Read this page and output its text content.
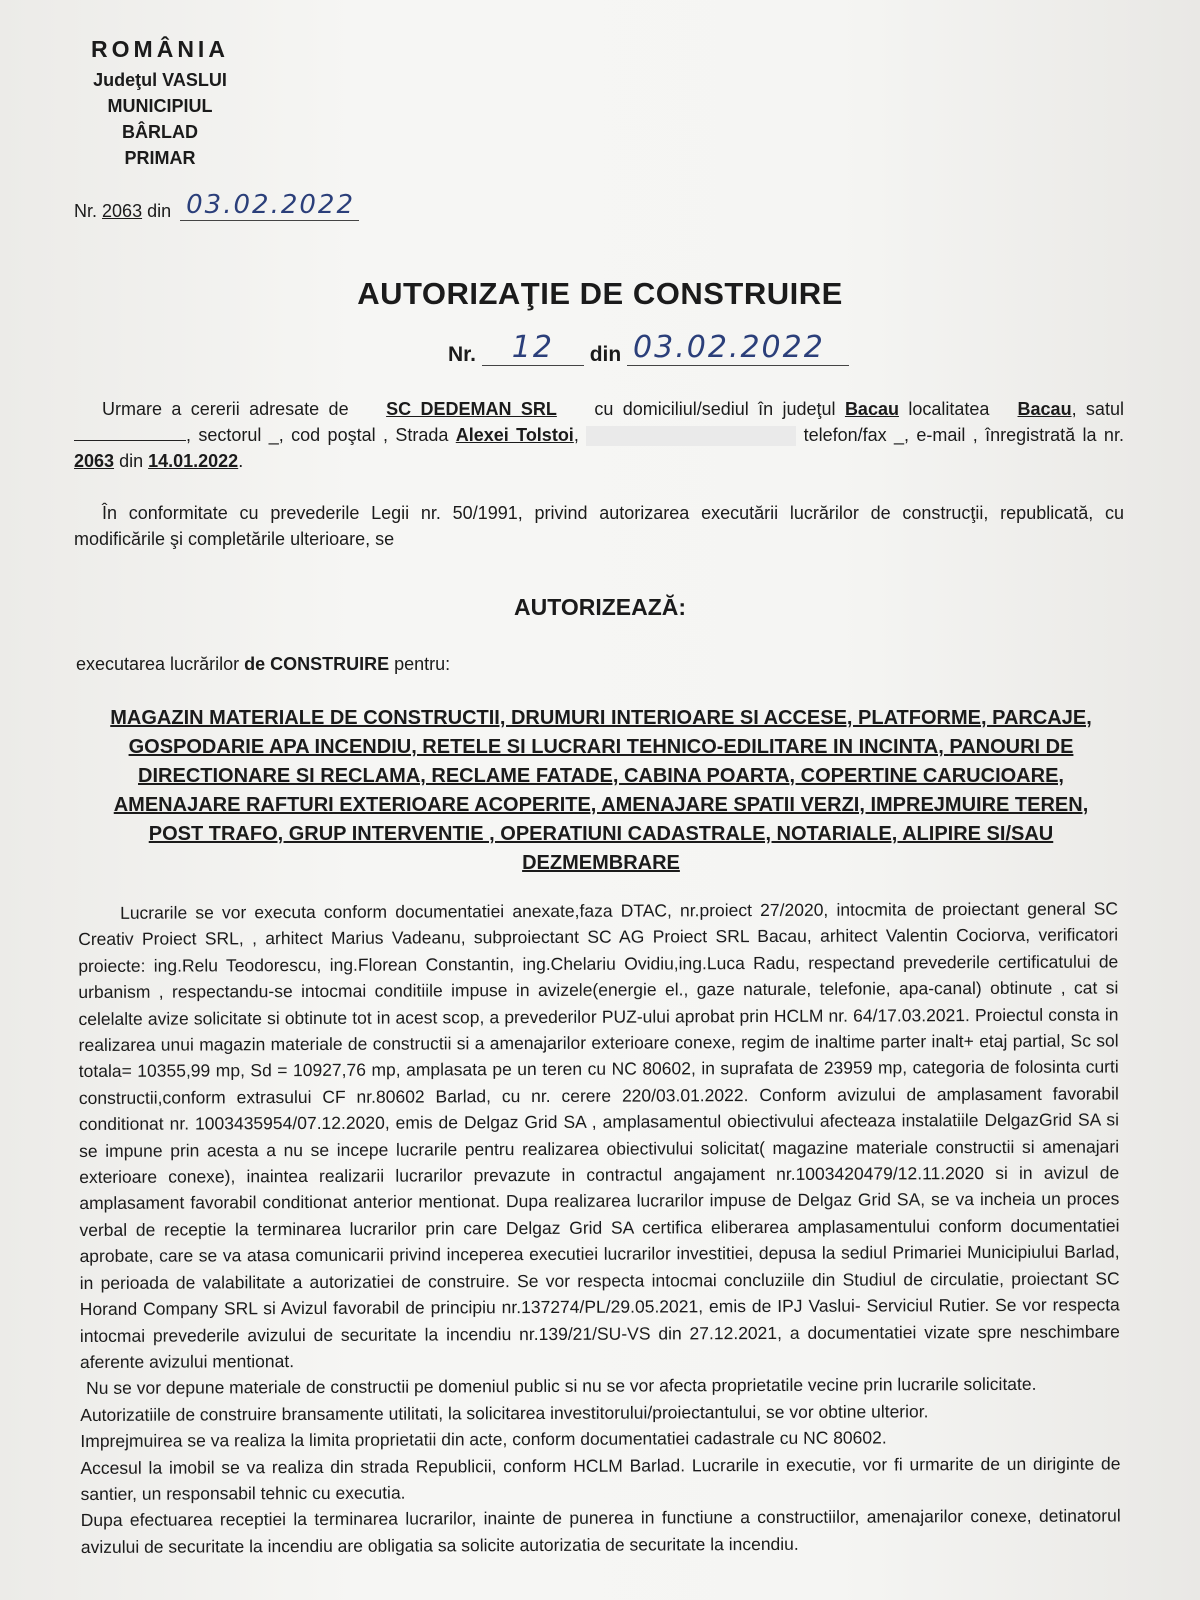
ROMÂNIA
Judeţul VASLUI
MUNICIPIUL
BÂRLAD
PRIMAR
Nr. 2063 din 03.02.2022
AUTORIZAŢIE DE CONSTRUIRE
Nr. 12 din 03.02.2022
Urmare a cererii adresate de SC DEDEMAN SRL cu domiciliul/sediul în judeţul Bacau localitatea Bacau, satul , sectorul _, cod poştal , Strada Alexei Tolstoi,	telefon/fax _, e-mail , înregistrată la nr. 2063 din 14.01.2022.
În conformitate cu prevederile Legii nr. 50/1991, privind autorizarea executării lucrărilor de construcţii, republicată, cu modificările şi completările ulterioare, se
AUTORIZEAZĂ:
executarea lucrărilor de CONSTRUIRE pentru:
MAGAZIN MATERIALE DE CONSTRUCTII, DRUMURI INTERIOARE SI ACCESE, PLATFORME, PARCAJE,
GOSPODARIE APA INCENDIU, RETELE SI LUCRARI TEHNICO-EDILITARE IN INCINTA, PANOURI DE
DIRECTIONARE SI RECLAMA, RECLAME FATADE, CABINA POARTA, COPERTINE CARUCIOARE,
AMENAJARE RAFTURI EXTERIOARE ACOPERITE, AMENAJARE SPATII VERZI, IMPREJMUIRE TEREN,
POST TRAFO, GRUP INTERVENTIE , OPERATIUNI CADASTRALE, NOTARIALE, ALIPIRE SI/SAU
DEZMEMBRARE

Lucrarile se vor executa conform documentatiei anexate,faza DTAC, nr.proiect 27/2020, intocmita de proiectant general SC Creativ Proiect SRL, , arhitect Marius Vadeanu, subproiectant SC AG Proiect SRL Bacau, arhitect Valentin Cociorva, verificatori proiecte: ing.Relu Teodorescu, ing.Florean Constantin, ing.Chelariu Ovidiu,ing.Luca Radu, respectand prevederile certificatului de urbanism , respectandu-se intocmai conditiile impuse in avizele(energie el., gaze naturale, telefonie, apa-canal) obtinute , cat si celelalte avize solicitate si obtinute tot in acest scop, a prevederilor PUZ-ului aprobat prin HCLM nr. 64/17.03.2021. Proiectul consta in realizarea unui magazin materiale de constructii si a amenajarilor exterioare conexe, regim de inaltime parter inalt+ etaj partial, Sc sol totala= 10355,99 mp, Sd = 10927,76 mp, amplasata pe un teren cu NC 80602, in suprafata de 23959 mp, categoria de folosinta curti constructii,conform extrasului CF nr.80602 Barlad, cu nr. cerere 220/03.01.2022. Conform avizului de amplasament favorabil conditionat nr. 1003435954/07.12.2020, emis de Delgaz Grid SA , amplasamentul obiectivului afecteaza instalatiile DelgazGrid SA si se impune prin acesta a nu se incepe lucrarile pentru realizarea obiectivului solicitat( magazine materiale constructii si amenajari exterioare conexe), inaintea realizarii lucrarilor prevazute in contractul angajament nr.1003420479/12.11.2020 si in avizul de amplasament favorabil conditionat anterior mentionat. Dupa realizarea lucrarilor impuse de Delgaz Grid SA, se va incheia un proces verbal de receptie la terminarea lucrarilor prin care Delgaz Grid SA certifica eliberarea amplasamentului conform documentatiei aprobate, care se va atasa comunicarii privind inceperea executiei lucrarilor investitiei, depusa la sediul Primariei Municipiului Barlad, in perioada de valabilitate a autorizatiei de construire. Se vor respecta intocmai concluziile din Studiul de circulatie, proiectant SC Horand Company SRL si Avizul favorabil de principiu nr.137274/PL/29.05.2021, emis de IPJ Vaslui- Serviciul Rutier. Se vor respecta intocmai prevederile avizului de securitate la incendiu nr.139/21/SU-VS din 27.12.2021, a documentatiei vizate spre neschimbare aferente avizului mentionat.

Nu se vor depune materiale de constructii pe domeniul public si nu se vor afecta proprietatile vecine prin lucrarile solicitate.

Autorizatiile de construire bransamente utilitati, la solicitarea investitorului/proiectantului, se vor obtine ulterior.

Imprejmuirea se va realiza la limita proprietatii din acte, conform documentatiei cadastrale cu NC 80602.

Accesul la imobil se va realiza din strada Republicii, conform HCLM Barlad. Lucrarile in executie, vor fi urmarite de un diriginte de santier, un responsabil tehnic cu executia.

Dupa efectuarea receptiei la terminarea lucrarilor, inainte de punerea in functiune a constructiilor, amenajarilor conexe, detinatorul avizului de securitate la incendiu are obligatia sa solicite autorizatia de securitate la incendiu.
